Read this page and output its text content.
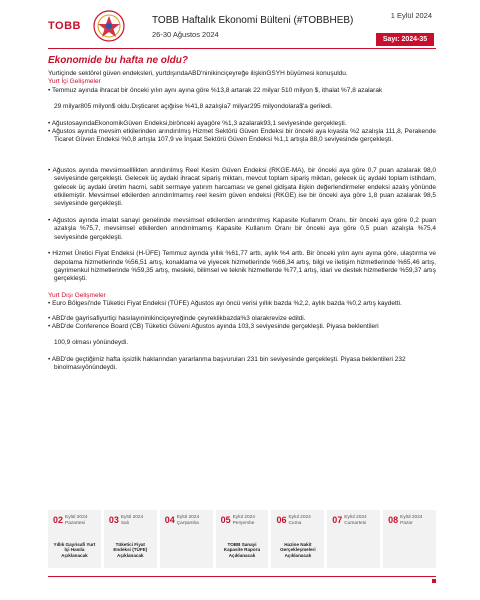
TOBB	TOBB Haftalık Ekonomi Bülteni (#TOBBHEB)
26-30 Ağustos 2024
1 Eylül 2024
Sayı: 2024-35
Ekonomide bu hafta ne oldu?

Yurtiçinde sektörel güven endeksleri, yurtdışındaABD'ninikinciçeyreğe ilişkinGSYH büyümesi konuşuldu.

Yurt İçi Gelişmeler

• Temmuz ayında ihracat bir önceki yılın aynı ayına göre %13,8 artarak 22 milyar 510 milyon $, ithalat %7,8 azalarak

29 milyar805 milyon$ oldu.Dışticaret açığıise %41,8 azalışla7 milyar295 milyondolara$'a geriledi.

• AğustosayındaEkonomikGüven Endeksi,birönceki ayagöre %1,3 azalarak93,1 seviyesinde gerçekleşti.

• Ağustos ayında mevsim etkilerinden arındırılmış Hizmet Sektörü Güven Endeksi bir önceki aya kıyasla %2 azalışla 111,8, Perakende Ticaret Güven Endeksi %0,8 artışla 107,9 ve İnşaat Sektörü Güven Endeksi %1,1 artışla 88,0 seviyesinde gerçekleşti.

• Ağustos ayında mevsimselllikten arındırılmış Reel Kesim Güven Endeksi (RKGE-MA), bir önceki aya göre 0,7 puan azalarak 98,0 seviyesinde gerçekleşti. Gelecek üç aydaki ihracat sipariş miktarı, mevcut toplam sipariş miktarı, gelecek üç aydaki toplam istihdam, gelecek üç aydaki üretim hacmi, sabit sermaye yatırım harcaması ve genel gidişata ilişkin değerlendirmeler endeksi azalış yönünde etkilemiştir. Mevsimsel etkilerden arındırılmamış reel kesim güven endeksi (RKGE) ise bir önceki aya göre 1,8 puan azalarak 98,5 seviyesinde gerçekleşti.

• Ağustos ayında imalat sanayi genelinde mevsimsel etkilerden arındırılmış Kapasite Kullanım Oranı, bir önceki aya göre 0,2 puan azalışla %75,7, mevsimsel etkilerden arındırılmamış Kapasite Kullanım Oranı bir önceki aya göre 0,5 puan azalışla %75,4 seviyesinde gerçekleşti.

• Hizmet Üretici Fiyat Endeksi (H-ÜFE) Temmuz ayında yıllık %61,77 arttı, aylık %4 arttı. Bir önceki yılın aynı ayına göre, ulaştırma ve depolama hizmetlerinde %56,51 artış, konaklama ve yiyecek hizmetlerinde %66,34 artış, bilgi ve iletişim hizmetlerinde %65,46 artış, gayrimenkul hizmetlerinde %59,35 artış, mesleki, bilimsel ve teknik hizmetlerde %77,1 artış, idari ve destek hizmetlerde %59,37 artış gerçekleşti.

Yurt Dışı Gelişmeler

• Euro Bölgesi'nde Tüketici Fiyat Endeksi (TÜFE) Ağustos ayı öncü verisi yıllık bazda %2,2, aylık bazda %0,2 artış kaydetti.

• ABD'de gayrisafiyurtiçi hasılayıninikinciçeyreğinde çeyreklikbazda%3 olarakrevize edildi.

• ABD'de Conference Board (CB) Tüketici Güveni Ağustos ayında 103,3 seviyesinde gerçekleşti. Piyasa beklentileri

100,9 olması yönündeydi.

• ABD'de geçtiğimiz hafta işsizlik haklarından yararlanma başvuruları 231 bin seviyesinde gerçekleşti. Piyasa beklentileri 232 binolmasıyönündeydi.

02 Eylül 2024
Pazartesi
Yıllık Gayrisafi Yurt İçi Hasıla Açıklanacak
03 Eylül 2024
Salı
Tüketici Fiyat Endeksi (TÜFE) Açıklanacak
04 Eylül 2024
Çarşamba 05 Eylül 2024
Perşembe
TOBB Sanayi Kapasite Raporu Açıklanacak
06 Eylül 2024
Cuma
Hazine Nakit Gerçekleşmeleri Açıklanacak
07 Eylül 2024
Cumartesi 08 Eylül 2024
Pazar
